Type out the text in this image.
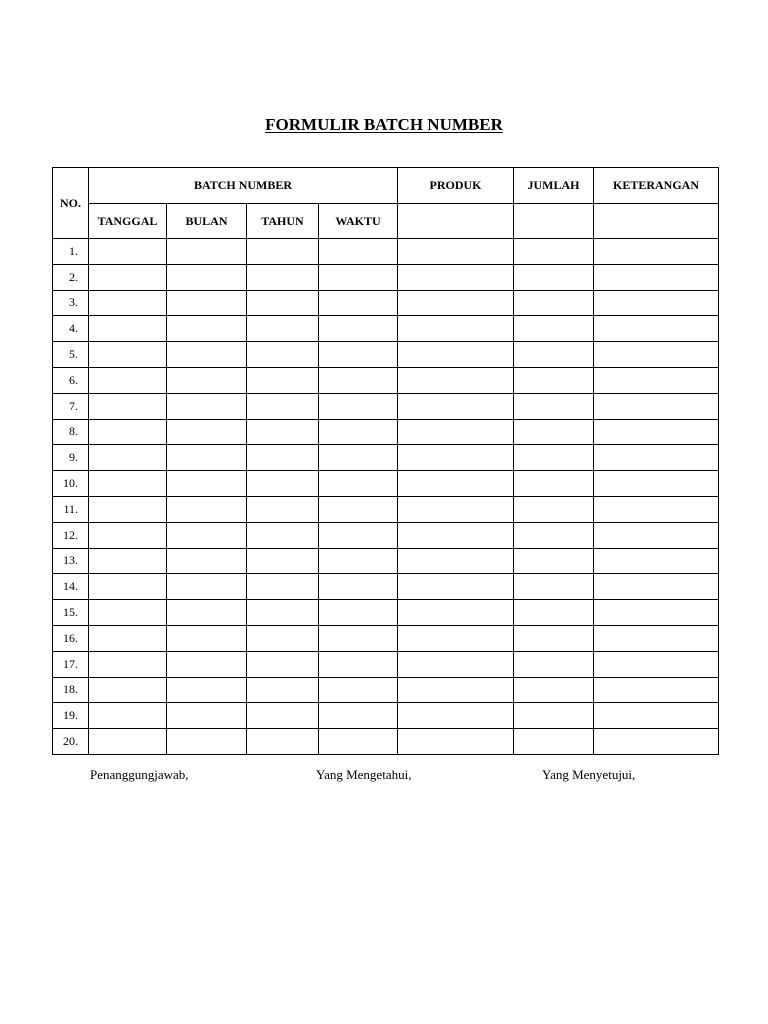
FORMULIR BATCH NUMBER
NO.	BATCH NUMBER				PRODUK	JUMLAH	KETERANGAN
	TANGGAL	BULAN	TAHUN	WAKTU			
1.							
2.							
3.							
4.							
5.							
6.							
7.							
8.							
9.							
10.							
11.							
12.							
13.							
14.							
15.							
16.							
17.							
18.							
19.							
20.							
Penanggungjawab,	Yang Mengetahui,	Yang Menyetujui,
